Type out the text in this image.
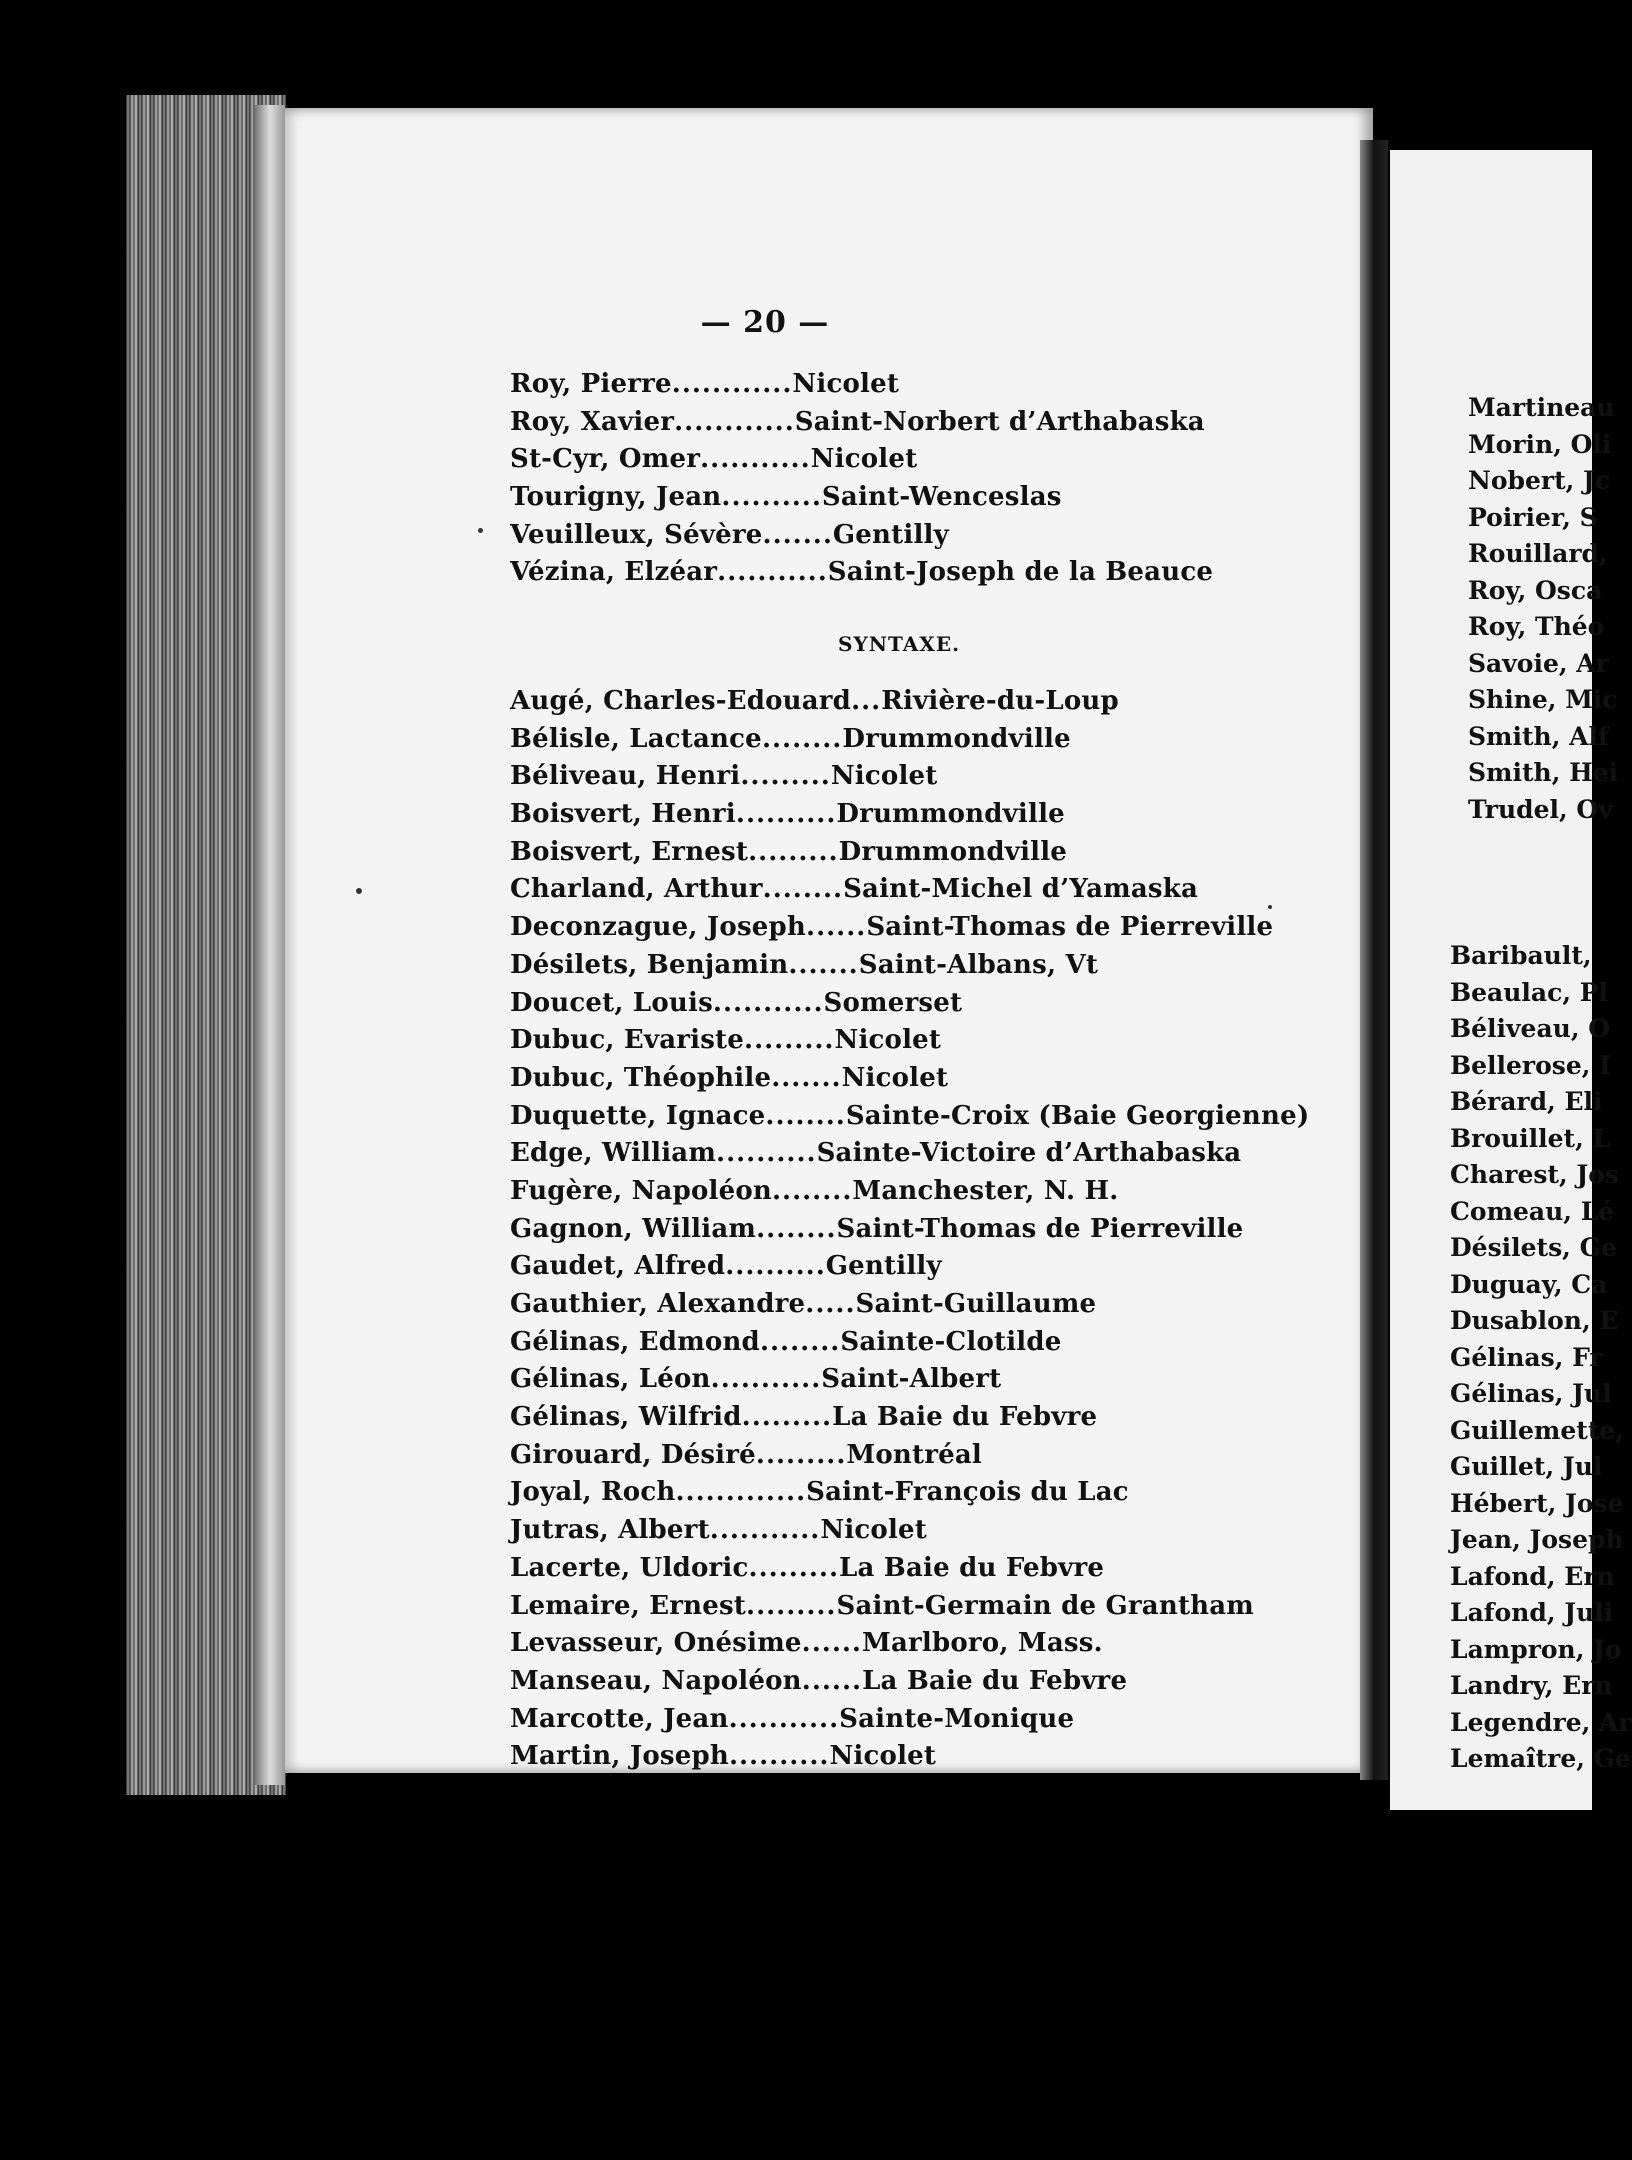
— 20 —

Roy, Pierre............Nicolet
Roy, Xavier............Saint-Norbert d’Arthabaska
St-Cyr, Omer...........Nicolet
Tourigny, Jean..........Saint-Wenceslas
Veuilleux, Sévère.......Gentilly
Vézina, Elzéar...........Saint-Joseph de la Beauce

SYNTAXE.

Augé, Charles-Edouard...Rivière-du-Loup
Bélisle, Lactance........Drummondville
Béliveau, Henri.........Nicolet
Boisvert, Henri..........Drummondville
Boisvert, Ernest.........Drummondville
Charland, Arthur........Saint-Michel d’Yamaska
Deconzague, Joseph......Saint-Thomas de Pierreville
Désilets, Benjamin.......Saint-Albans, Vt
Doucet, Louis...........Somerset
Dubuc, Evariste.........Nicolet
Dubuc, Théophile.......Nicolet
Duquette, Ignace........Sainte-Croix (Baie Georgienne)
Edge, William..........Sainte-Victoire d’Arthabaska
Fugère, Napoléon........Manchester, N. H.
Gagnon, William........Saint-Thomas de Pierreville
Gaudet, Alfred..........Gentilly
Gauthier, Alexandre.....Saint-Guillaume
Gélinas, Edmond........Sainte-Clotilde
Gélinas, Léon...........Saint-Albert
Gélinas, Wilfrid.........La Baie du Febvre
Girouard, Désiré.........Montréal
Joyal, Roch.............Saint-François du Lac
Jutras, Albert...........Nicolet
Lacerte, Uldoric.........La Baie du Febvre
Lemaire, Ernest.........Saint-Germain de Grantham
Levasseur, Onésime......Marlboro, Mass.
Manseau, Napoléon......La Baie du Febvre
Marcotte, Jean...........Sainte-Monique
Martin, Joseph..........Nicolet
Martineau
Morin, Oli
Nobert, Jc
Poirier, S
Rouillard,
Roy, Osca
Roy, Théo
Savoie, Ar
Shine, Mic
Smith, Alf
Smith, Hei
Trudel, Ov
Baribault,
Beaulac, Pl
Béliveau, O
Bellerose, I
Bérard, Eli
Brouillet, L
Charest, Jos
Comeau, Lé
Désilets, Ge
Duguay, Ca
Dusablon, E
Gélinas, Fr
Gélinas, Jul
Guillemette,
Guillet, Jul
Hébert, Jose
Jean, Joseph
Lafond, Ern
Lafond, Juli
Lampron, Jo
Landry, Ern
Legendre, Ar
Lemaître, Ge
